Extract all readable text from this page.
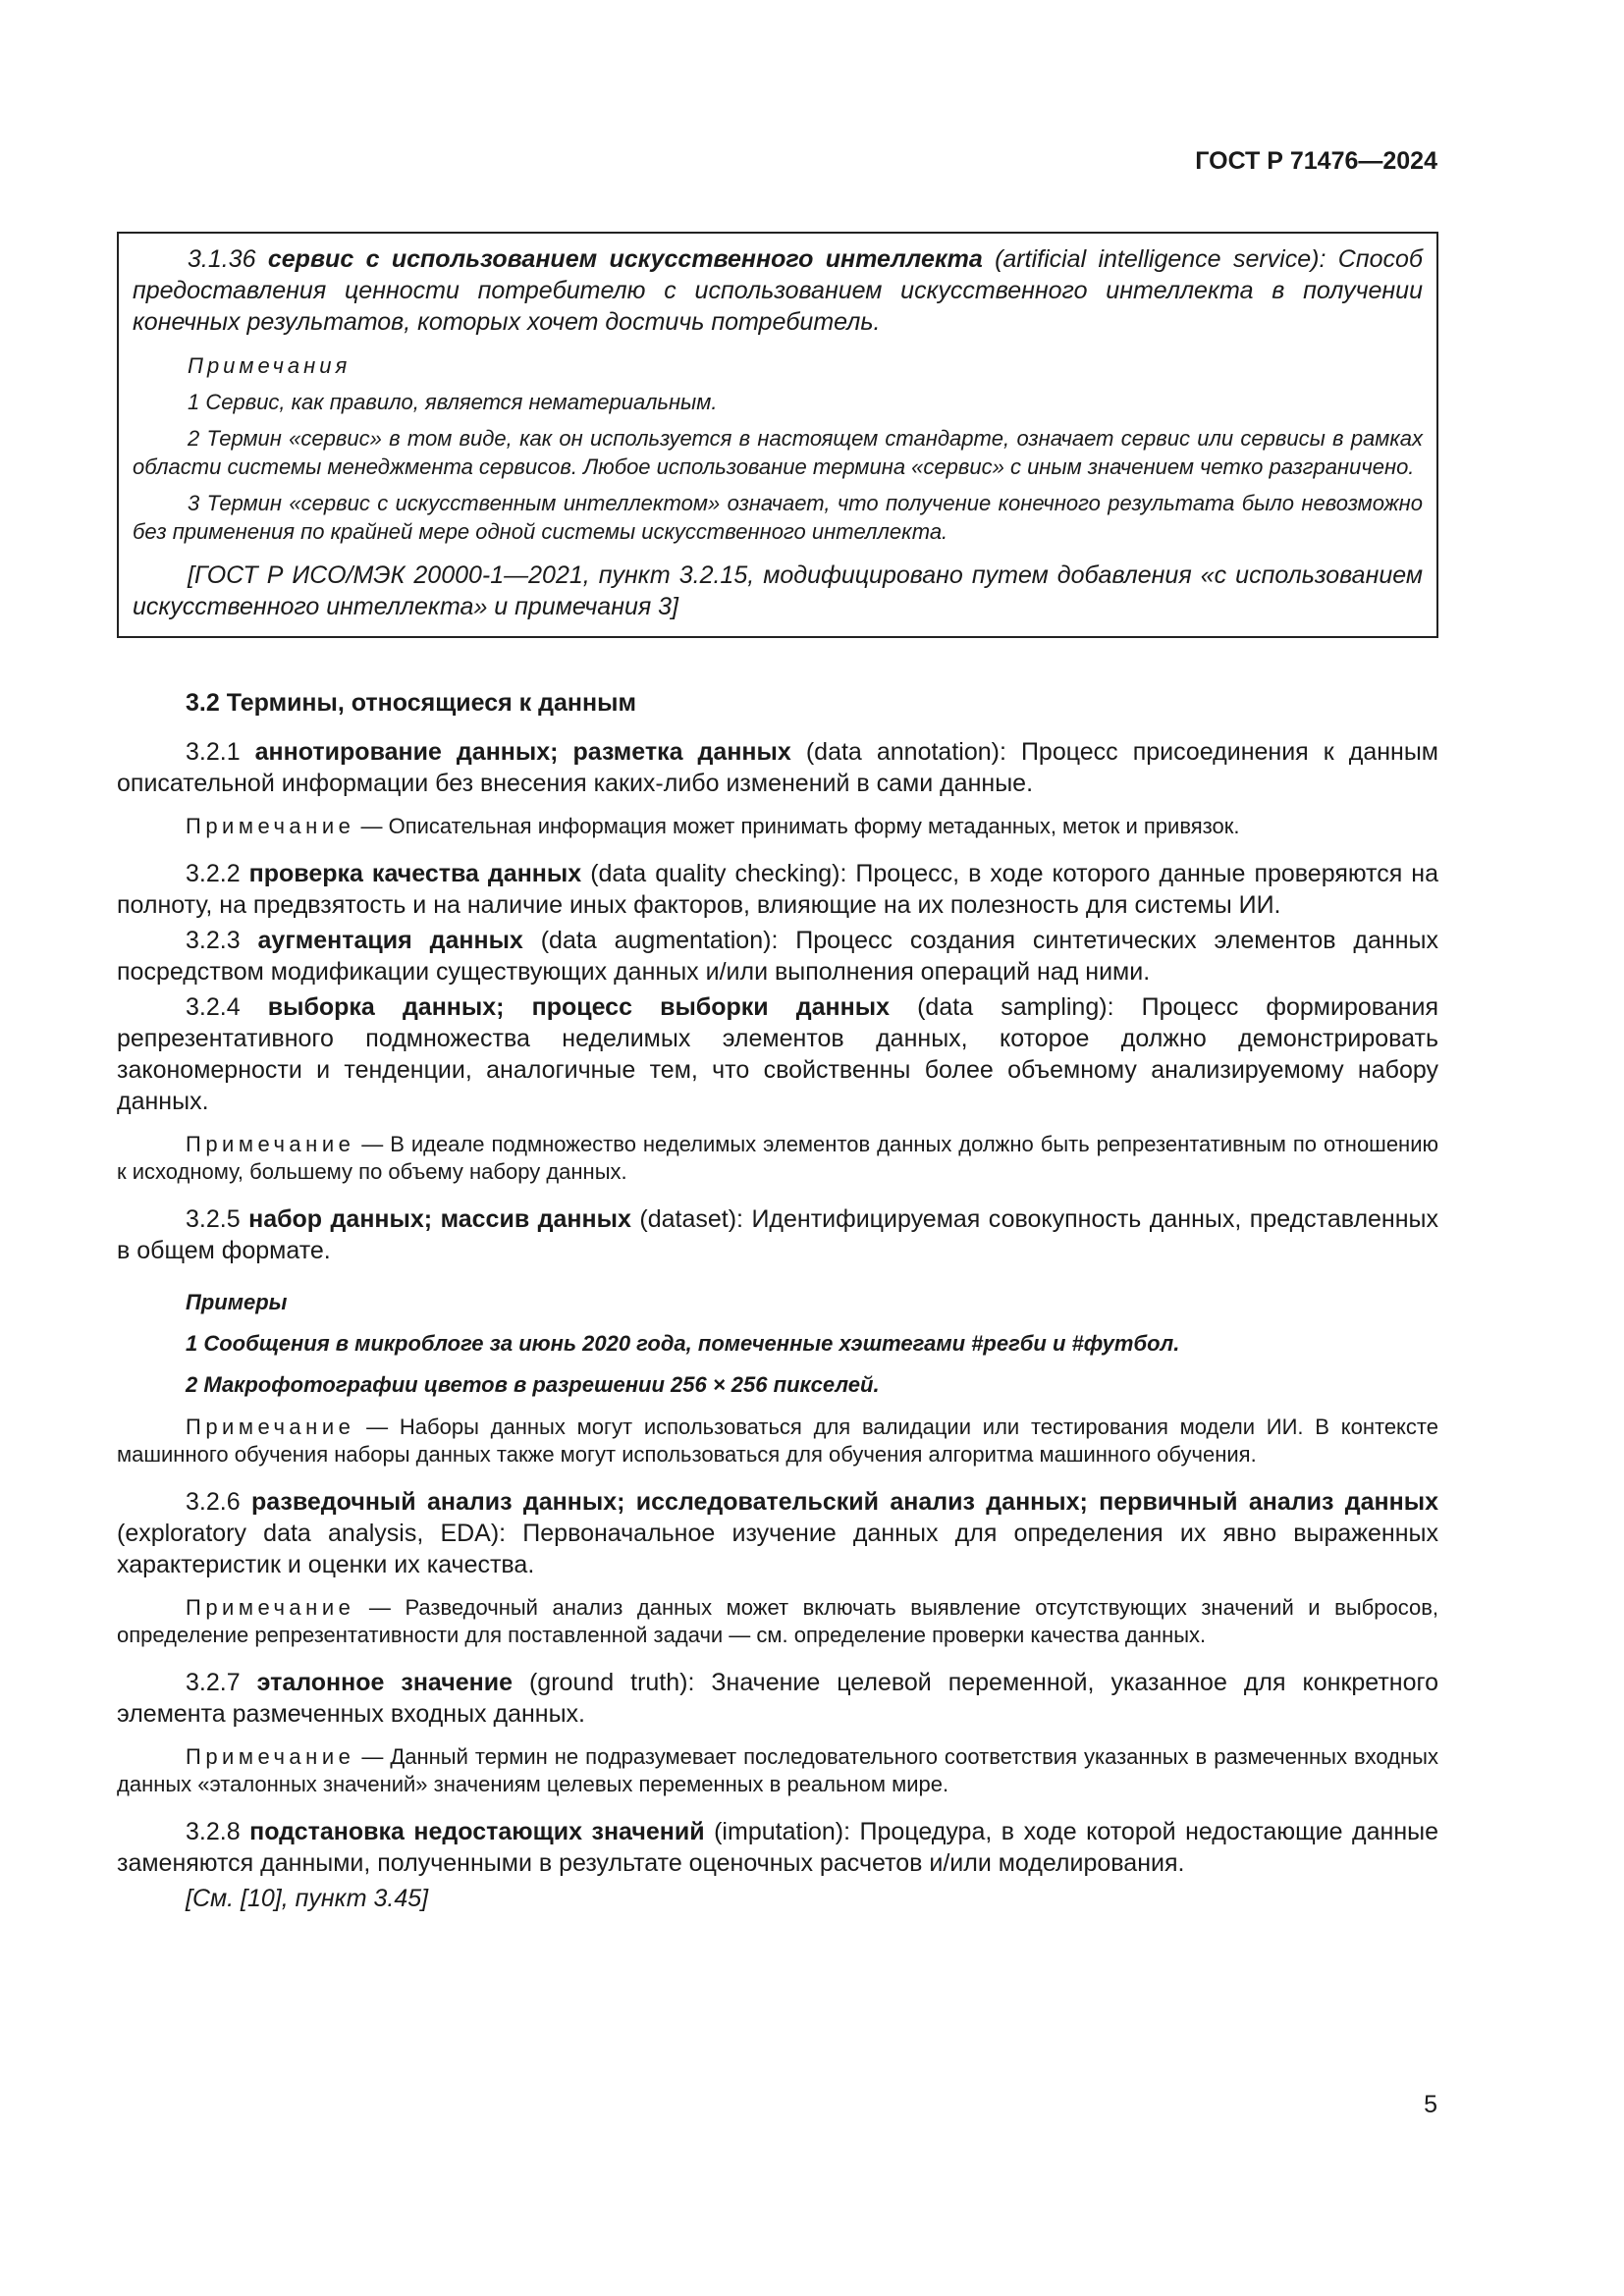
ГОСТ Р 71476—2024

3.1.36 сервис с использованием искусственного интеллекта (artificial intelligence service): Способ предоставления ценности потребителю с использованием искусственного интеллекта в получении конечных результатов, которых хочет достичь потребитель.

Примечания

1 Сервис, как правило, является нематериальным.

2 Термин «сервис» в том виде, как он используется в настоящем стандарте, означает сервис или сервисы в рамках области системы менеджмента сервисов. Любое использование термина «сервис» с иным значением четко разграничено.

3 Термин «сервис с искусственным интеллектом» означает, что получение конечного результата было невозможно без применения по крайней мере одной системы искусственного интеллекта.

[ГОСТ Р ИСО/МЭК 20000-1—2021, пункт 3.2.15, модифицировано путем добавления «с использованием искусственного интеллекта» и примечания 3]

3.2 Термины, относящиеся к данным

3.2.1 аннотирование данных; разметка данных (data annotation): Процесс присоединения к данным описательной информации без внесения каких-либо изменений в сами данные.

Примечание — Описательная информация может принимать форму метаданных, меток и привязок.

3.2.2 проверка качества данных (data quality checking): Процесс, в ходе которого данные проверяются на полноту, на предвзятость и на наличие иных факторов, влияющие на их полезность для системы ИИ.

3.2.3 аугментация данных (data augmentation): Процесс создания синтетических элементов данных посредством модификации существующих данных и/или выполнения операций над ними.

3.2.4 выборка данных; процесс выборки данных (data sampling): Процесс формирования репрезентативного подмножества неделимых элементов данных, которое должно демонстрировать закономерности и тенденции, аналогичные тем, что свойственны более объемному анализируемому набору данных.

Примечание — В идеале подмножество неделимых элементов данных должно быть репрезентативным по отношению к исходному, большему по объему набору данных.

3.2.5 набор данных; массив данных (dataset): Идентифицируемая совокупность данных, представленных в общем формате.

Примеры

1 Сообщения в микроблоге за июнь 2020 года, помеченные хэштегами #регби и #футбол.

2 Макрофотографии цветов в разрешении 256 × 256 пикселей.

Примечание — Наборы данных могут использоваться для валидации или тестирования модели ИИ. В контексте машинного обучения наборы данных также могут использоваться для обучения алгоритма машинного обучения.

3.2.6 разведочный анализ данных; исследовательский анализ данных; первичный анализ данных (exploratory data analysis, EDA): Первоначальное изучение данных для определения их явно выраженных характеристик и оценки их качества.

Примечание — Разведочный анализ данных может включать выявление отсутствующих значений и выбросов, определение репрезентативности для поставленной задачи — см. определение проверки качества данных.

3.2.7 эталонное значение (ground truth): Значение целевой переменной, указанное для конкретного элемента размеченных входных данных.

Примечание — Данный термин не подразумевает последовательного соответствия указанных в размеченных входных данных «эталонных значений» значениям целевых переменных в реальном мире.

3.2.8 подстановка недостающих значений (imputation): Процедура, в ходе которой недостающие данные заменяются данными, полученными в результате оценочных расчетов и/или моделирования.

[См. [10], пункт 3.45]

5
